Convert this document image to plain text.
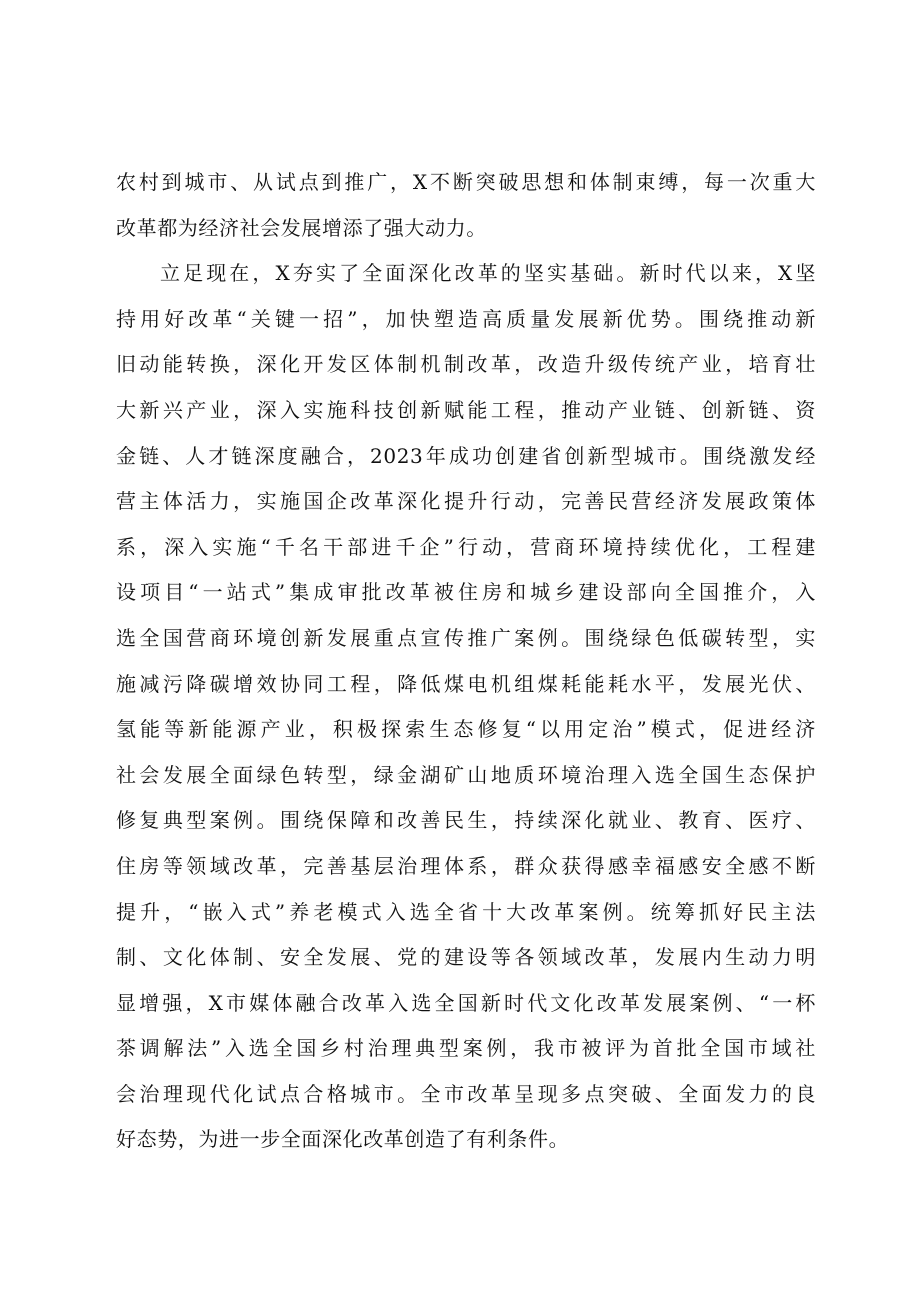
农村到城市、从试点到推广，X不断突破思想和体制束缚，每一次重大
改革都为经济社会发展增添了强大动力。
立足现在，X夯实了全面深化改革的坚实基础。新时代以来，X坚
持用好改革“关键一招”，加快塑造高质量发展新优势。围绕推动新
旧动能转换，深化开发区体制机制改革，改造升级传统产业，培育壮
大新兴产业，深入实施科技创新赋能工程，推动产业链、创新链、资
金链、人才链深度融合，2023年成功创建省创新型城市。围绕激发经
营主体活力，实施国企改革深化提升行动，完善民营经济发展政策体
系，深入实施“千名干部进千企”行动，营商环境持续优化，工程建
设项目“一站式”集成审批改革被住房和城乡建设部向全国推介，入
选全国营商环境创新发展重点宣传推广案例。围绕绿色低碳转型，实
施减污降碳增效协同工程，降低煤电机组煤耗能耗水平，发展光伏、
氢能等新能源产业，积极探索生态修复“以用定治”模式，促进经济
社会发展全面绿色转型，绿金湖矿山地质环境治理入选全国生态保护
修复典型案例。围绕保障和改善民生，持续深化就业、教育、医疗、
住房等领域改革，完善基层治理体系，群众获得感幸福感安全感不断
提升，“嵌入式”养老模式入选全省十大改革案例。统筹抓好民主法
制、文化体制、安全发展、党的建设等各领域改革，发展内生动力明
显增强，X市媒体融合改革入选全国新时代文化改革发展案例、“一杯
茶调解法”入选全国乡村治理典型案例，我市被评为首批全国市域社
会治理现代化试点合格城市。全市改革呈现多点突破、全面发力的良
好态势，为进一步全面深化改革创造了有利条件。
